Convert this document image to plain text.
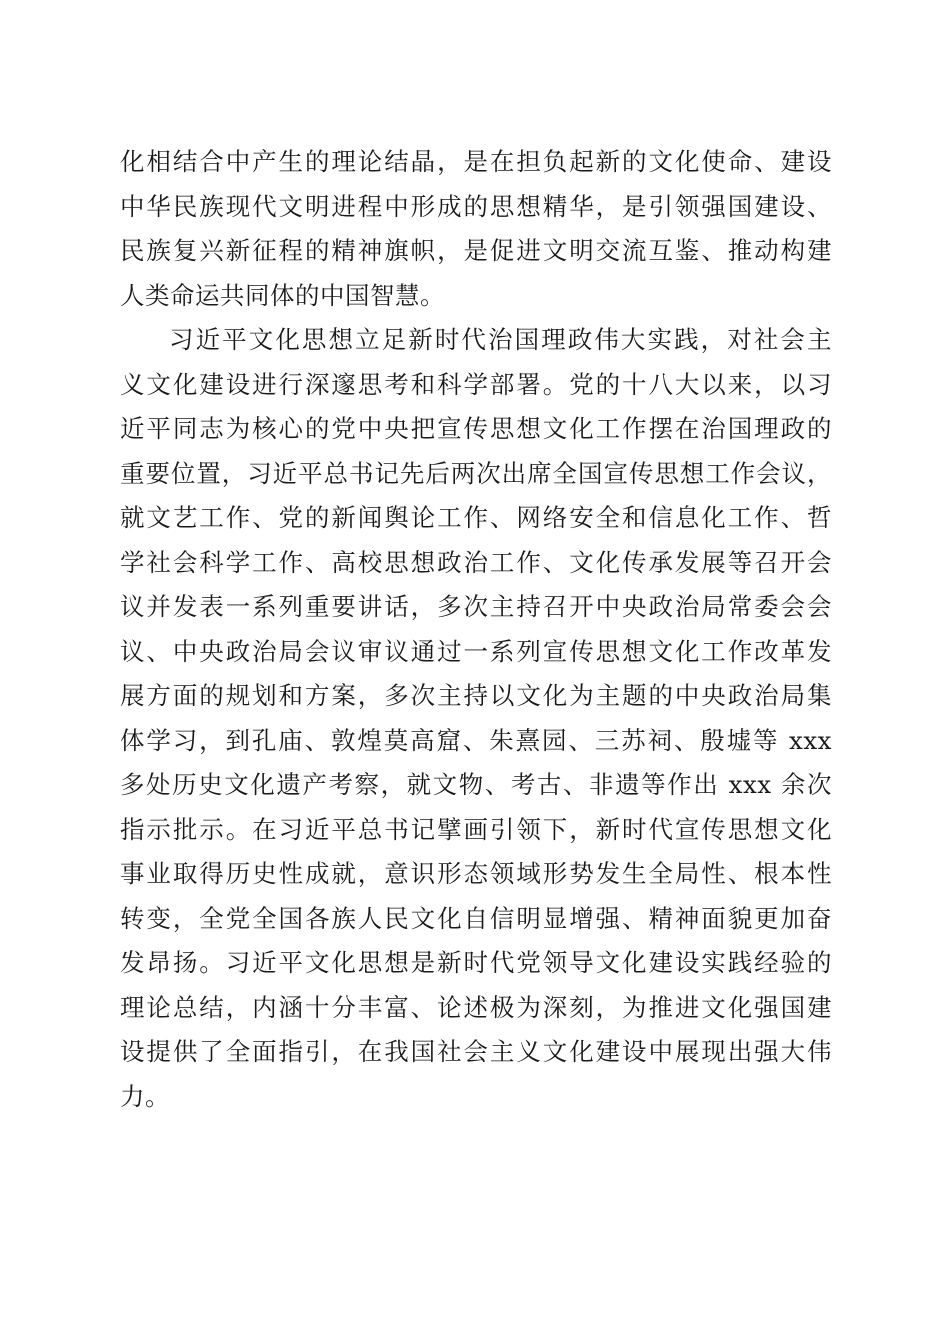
化相结合中产生的理论结晶，是在担负起新的文化使命、建设
中华民族现代文明进程中形成的思想精华，是引领强国建设、
民族复兴新征程的精神旗帜，是促进文明交流互鉴、推动构建
人类命运共同体的中国智慧。
习近平文化思想立足新时代治国理政伟大实践，对社会主
义文化建设进行深邃思考和科学部署。党的十八大以来，以习
近平同志为核心的党中央把宣传思想文化工作摆在治国理政的
重要位置，习近平总书记先后两次出席全国宣传思想工作会议，
就文艺工作、党的新闻舆论工作、网络安全和信息化工作、哲
学社会科学工作、高校思想政治工作、文化传承发展等召开会
议并发表一系列重要讲话，多次主持召开中央政治局常委会会
议、中央政治局会议审议通过一系列宣传思想文化工作改革发
展方面的规划和方案，多次主持以文化为主题的中央政治局集
体学习，到孔庙、敦煌莫高窟、朱熹园、三苏祠、殷墟等 xxx
多处历史文化遗产考察，就文物、考古、非遗等作出 xxx 余次
指示批示。在习近平总书记擘画引领下，新时代宣传思想文化
事业取得历史性成就，意识形态领域形势发生全局性、根本性
转变，全党全国各族人民文化自信明显增强、精神面貌更加奋
发昂扬。习近平文化思想是新时代党领导文化建设实践经验的
理论总结，内涵十分丰富、论述极为深刻，为推进文化强国建
设提供了全面指引，在我国社会主义文化建设中展现出强大伟
力。
